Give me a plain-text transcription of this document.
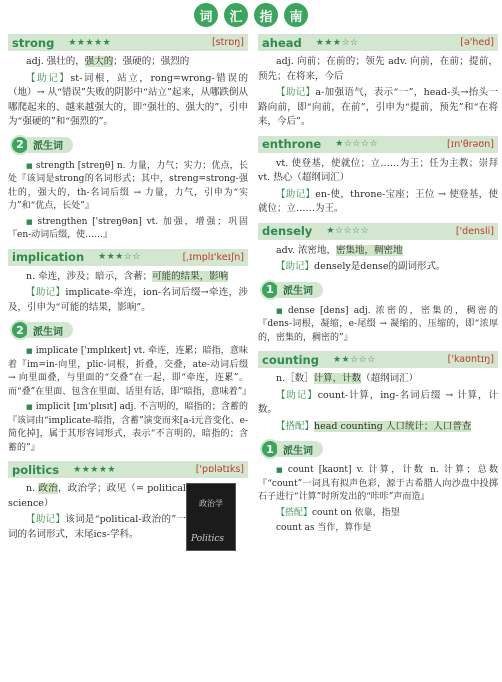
词	汇	指	南
strong ★★★★★	[strɒŋ]
adj. 强壮的，强大的；强硬的；强烈的
【助记】st-词根，站立，rong=wrong-错误的（地）→ 从“错误”失败的阴影中“站立”起来，从哪跌倒从哪爬起来的、越来越强大的，即“强壮的、强大的”，引申为“强硬的”和“强烈的”。
2 派生词
■ strength [streŋθ] n. 力量，力气；实力；优点，长处『该词是strong的名词形式；其中，streng=strong-强壮的，强大的，th-名词后缀 → 力量，力气，引申为“实力”和“优点，长处”』
■ strengthen ['streŋθən] vt. 加强，增强；巩固『en-动词后缀，使……』
implication ★★★☆☆	[ˌɪmplɪ'keɪʃn]
n. 牵连，涉及；暗示，含蓄；可能的结果，影响
【助记】implicate-牵连，ion-名词后缀→牵连，涉及，引申为“可能的结果，影响”。
2 派生词
■ implicate ['ɪmplɪkeɪt] vt. 牵连，连累；暗指，意味着『im=in-向里，plic-词根，折叠，交叠，ate-动词后缀 → 向里面叠，与里面的“交叠”在一起，即“牵连，连累”。而“叠”在里面、包含在里面、话里有话，即“暗指，意味着”』
■ implicit [ɪm'plɪsɪt] adj. 不言明的，暗指的；含蓄的『该词由“implicate-暗指，含蓄”演变而来[a-i元音变化、e-简化掉]，属于其形容词形式，表示“不言明的，暗指的；含蓄的”』
politics ★★★★★	['pɒlətɪks]
n. 政治，政治学；政见（= political science）
【助记】该词是“political-政治的”一词的名词形式，末尾ics-学科。
政治学
Politics
ahead ★★★☆☆	[ə'hed]
adj. 向前；在前的；领先 adv. 向前，在前；提前，预先；在将来，今后
【助记】a-加强语气，表示“一”，head-头→抬头一路向前，即“向前，在前”，引申为“提前，预先”和“在将来，今后”。
enthrone ★☆☆☆☆	[ɪn'θrəʊn]
vt. 使登基，使就位；立……为王；任为主教；崇拜 vt. 热心（超纲词汇）
【助记】en-使，throne-宝座；王位 → 使登基，使就位；立……为王。
densely ★☆☆☆☆	['densli]
adv. 浓密地，密集地，稠密地
【助记】densely是dense的副词形式。
1 派生词
■ dense [dens] adj. 浓密的，密集的，稠密的『dens-词根，凝缩，e-尾缀 → 凝缩的、压缩的，即“浓厚的，密集的，稠密的”』
counting ★★☆☆☆	['kaʊntɪŋ]
n.［数］计算，计数（超纲词汇）
【助记】count-计算，ing-名词后缀 → 计算，计数。
【搭配】head counting 人口统计；人口普查
1 派生词
■ count [kaʊnt] v. 计算，计数 n. 计算；总数『“count”一词具有拟声色彩，源于古希腊人向沙盘中投掷石子进行“计算”时所发出的“咔咔”声而造』
【搭配】count on 依靠，指望
count as 当作，算作是
